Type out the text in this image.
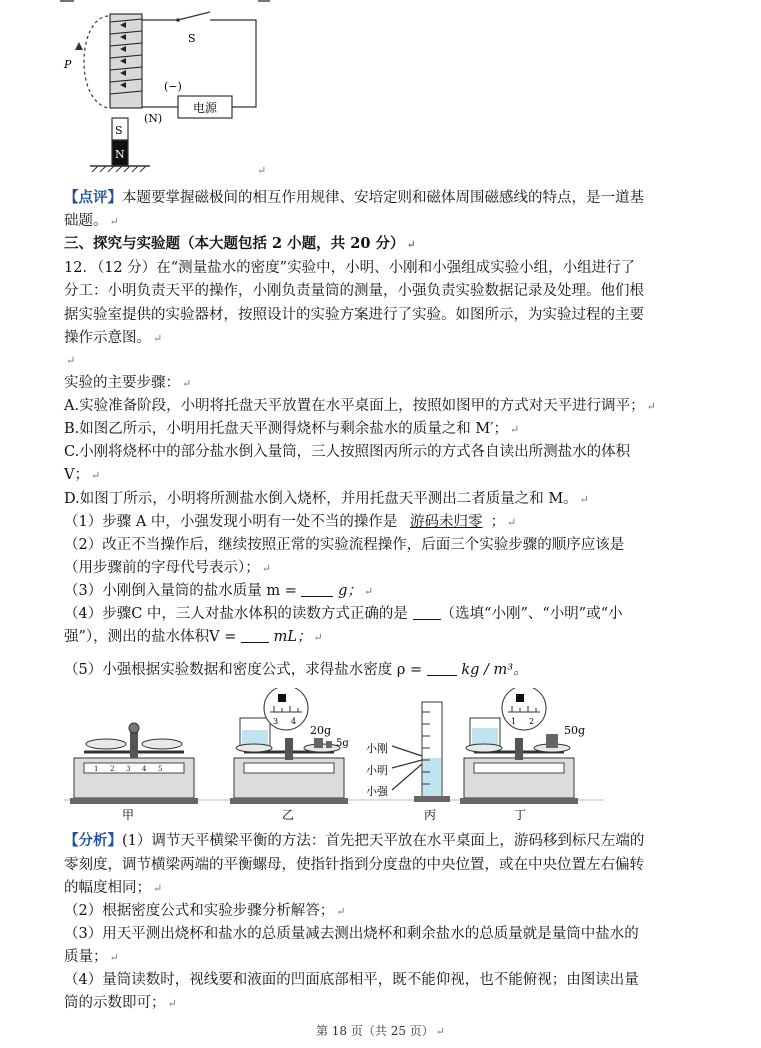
P
S
电源
(−)
(N)
S
N
↵
【点评】本题要掌握磁极间的相互作用规律、安培定则和磁体周围磁感线的特点，是一道基
础题。 ↵
三、探究与实验题（本大题包括 2 小题，共 20 分） ↵
12．（12 分）在“测量盐水的密度”实验中，小明、小刚和小强组成实验小组，小组进行了
分工：小明负责天平的操作，小刚负责量筒的测量，小强负责实验数据记录及处理。他们根
据实验室提供的实验器材，按照设计的实验方案进行了实验。如图所示，为实验过程的主要
操作示意图。 ↵
↵
实验的主要步骤： ↵
A.实验准备阶段，小明将托盘天平放置在水平桌面上，按照如图甲的方式对天平进行调平； ↵
B.如图乙所示，小明用托盘天平测得烧杯与剩余盐水的质量之和 M′； ↵
C.小刚将烧杯中的部分盐水倒入量筒，三人按照图丙所示的方式各自读出所测盐水的体积
V； ↵
D.如图丁所示，小明将所测盐水倒入烧杯，并用托盘天平测出二者质量之和 M。 ↵
（1）步骤 A 中，小强发现小明有一处不当的操作是 游码未归零 ； ↵
（2）改正不当操作后，继续按照正常的实验流程操作，后面三个实验步骤的顺序应该是
（用步骤前的字母代号表示）； ↵
（3）小刚倒入量筒的盐水质量 m =	g； ↵
（4）步骤C 中，三人对盐水体积的读数方式正确的是 （选填“小刚”、“小明”或“小
强”），测出的盐水体积V =	mL； ↵
（5）小强根据实验数据和密度公式，求得盐水密度 ρ =	kg / m³。
1 2 3 4 5
20g
5g
3 4
小刚
小明
小强
50g
1 2
甲	乙	丙	丁
【分析】(1）调节天平横梁平衡的方法：首先把天平放在水平桌面上，游码移到标尺左端的
零刻度，调节横梁两端的平衡螺母，使指针指到分度盘的中央位置，或在中央位置左右偏转
的幅度相同； ↵
（2）根据密度公式和实验步骤分析解答； ↵
（3）用天平测出烧杯和盐水的总质量减去测出烧杯和剩余盐水的总质量就是量筒中盐水的
质量； ↵
（4）量筒读数时，视线要和液面的凹面底部相平，既不能仰视，也不能俯视；由图读出量
筒的示数即可； ↵
第 18 页（共 25 页） ↵
